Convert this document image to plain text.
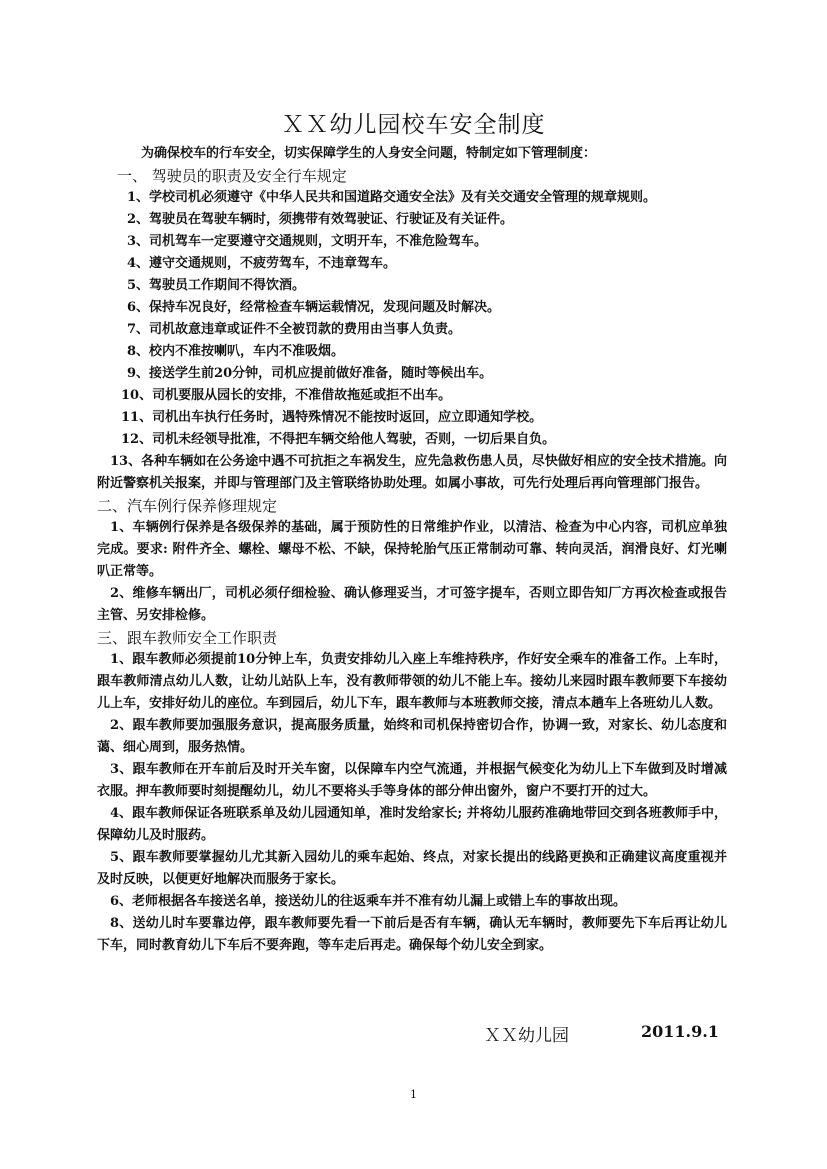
ＸＸ幼儿园校车安全制度
为确保校车的行车安全，切实保障学生的人身安全问题，特制定如下管理制度：
一、 驾驶员的职责及安全行车规定
1、学校司机必须遵守《中华人民共和国道路交通安全法》及有关交通安全管理的规章规则。
2、驾驶员在驾驶车辆时，须携带有效驾驶证、行驶证及有关证件。
3、司机驾车一定要遵守交通规则，文明开车，不准危险驾车。
4、遵守交通规则，不疲劳驾车，不违章驾车。
5、驾驶员工作期间不得饮酒。
6、保持车况良好，经常检查车辆运载情况，发现问题及时解决。
7、司机故意违章或证件不全被罚款的费用由当事人负责。
8、校内不准按喇叭，车内不准吸烟。
9、接送学生前20分钟，司机应提前做好准备，随时等候出车。
10、司机要服从园长的安排，不准借故拖延或拒不出车。
11、司机出车执行任务时，遇特殊情况不能按时返回，应立即通知学校。
12、司机未经领导批准，不得把车辆交给他人驾驶，否则，一切后果自负。
13、各种车辆如在公务途中遇不可抗拒之车祸发生，应先急救伤患人员，尽快做好相应的安全技术措施。向附近警察机关报案，并即与管理部门及主管联络协助处理。如属小事故，可先行处理后再向管理部门报告。
二、汽车例行保养修理规定
1、车辆例行保养是各级保养的基础，属于预防性的日常维护作业，以清洁、检查为中心内容，司机应单独完成。要求: 附件齐全、螺栓、螺母不松、不缺，保持轮胎气压正常制动可靠、转向灵活，润滑良好、灯光喇叭正常等。
2、维修车辆出厂，司机必须仔细检验、确认修理妥当，才可签字提车，否则立即告知厂方再次检查或报告主管、另安排检修。
三、跟车教师安全工作职责
1、跟车教师必须提前10分钟上车，负责安排幼儿入座上车维持秩序，作好安全乘车的准备工作。上车时，跟车教师清点幼儿人数，让幼儿站队上车，没有教师带领的幼儿不能上车。接幼儿来园时跟车教师要下车接幼儿上车，安排好幼儿的座位。车到园后，幼儿下车，跟车教师与本班教师交接，清点本趟车上各班幼儿人数。
2、跟车教师要加强服务意识，提高服务质量，始终和司机保持密切合作，协调一致，对家长、幼儿态度和蔼、细心周到，服务热情。
3、跟车教师在开车前后及时开关车窗，以保障车内空气流通，并根据气候变化为幼儿上下车做到及时增减衣服。押车教师要时刻提醒幼儿，幼儿不要将头手等身体的部分伸出窗外，窗户不要打开的过大。
4、跟车教师保证各班联系单及幼儿园通知单，准时发给家长; 并将幼儿服药准确地带回交到各班教师手中，保障幼儿及时服药。
5、跟车教师要掌握幼儿尤其新入园幼儿的乘车起始、终点，对家长提出的线路更换和正确建议高度重视并及时反映，以便更好地解决而服务于家长。
6、老师根据各车接送名单，接送幼儿的往返乘车并不准有幼儿漏上或错上车的事故出现。
8、送幼儿时车要靠边停，跟车教师要先看一下前后是否有车辆，确认无车辆时，教师要先下车后再让幼儿下车，同时教育幼儿下车后不要奔跑，等车走后再走。确保每个幼儿安全到家。
ＸＸ幼儿园	2011.9.1
1
